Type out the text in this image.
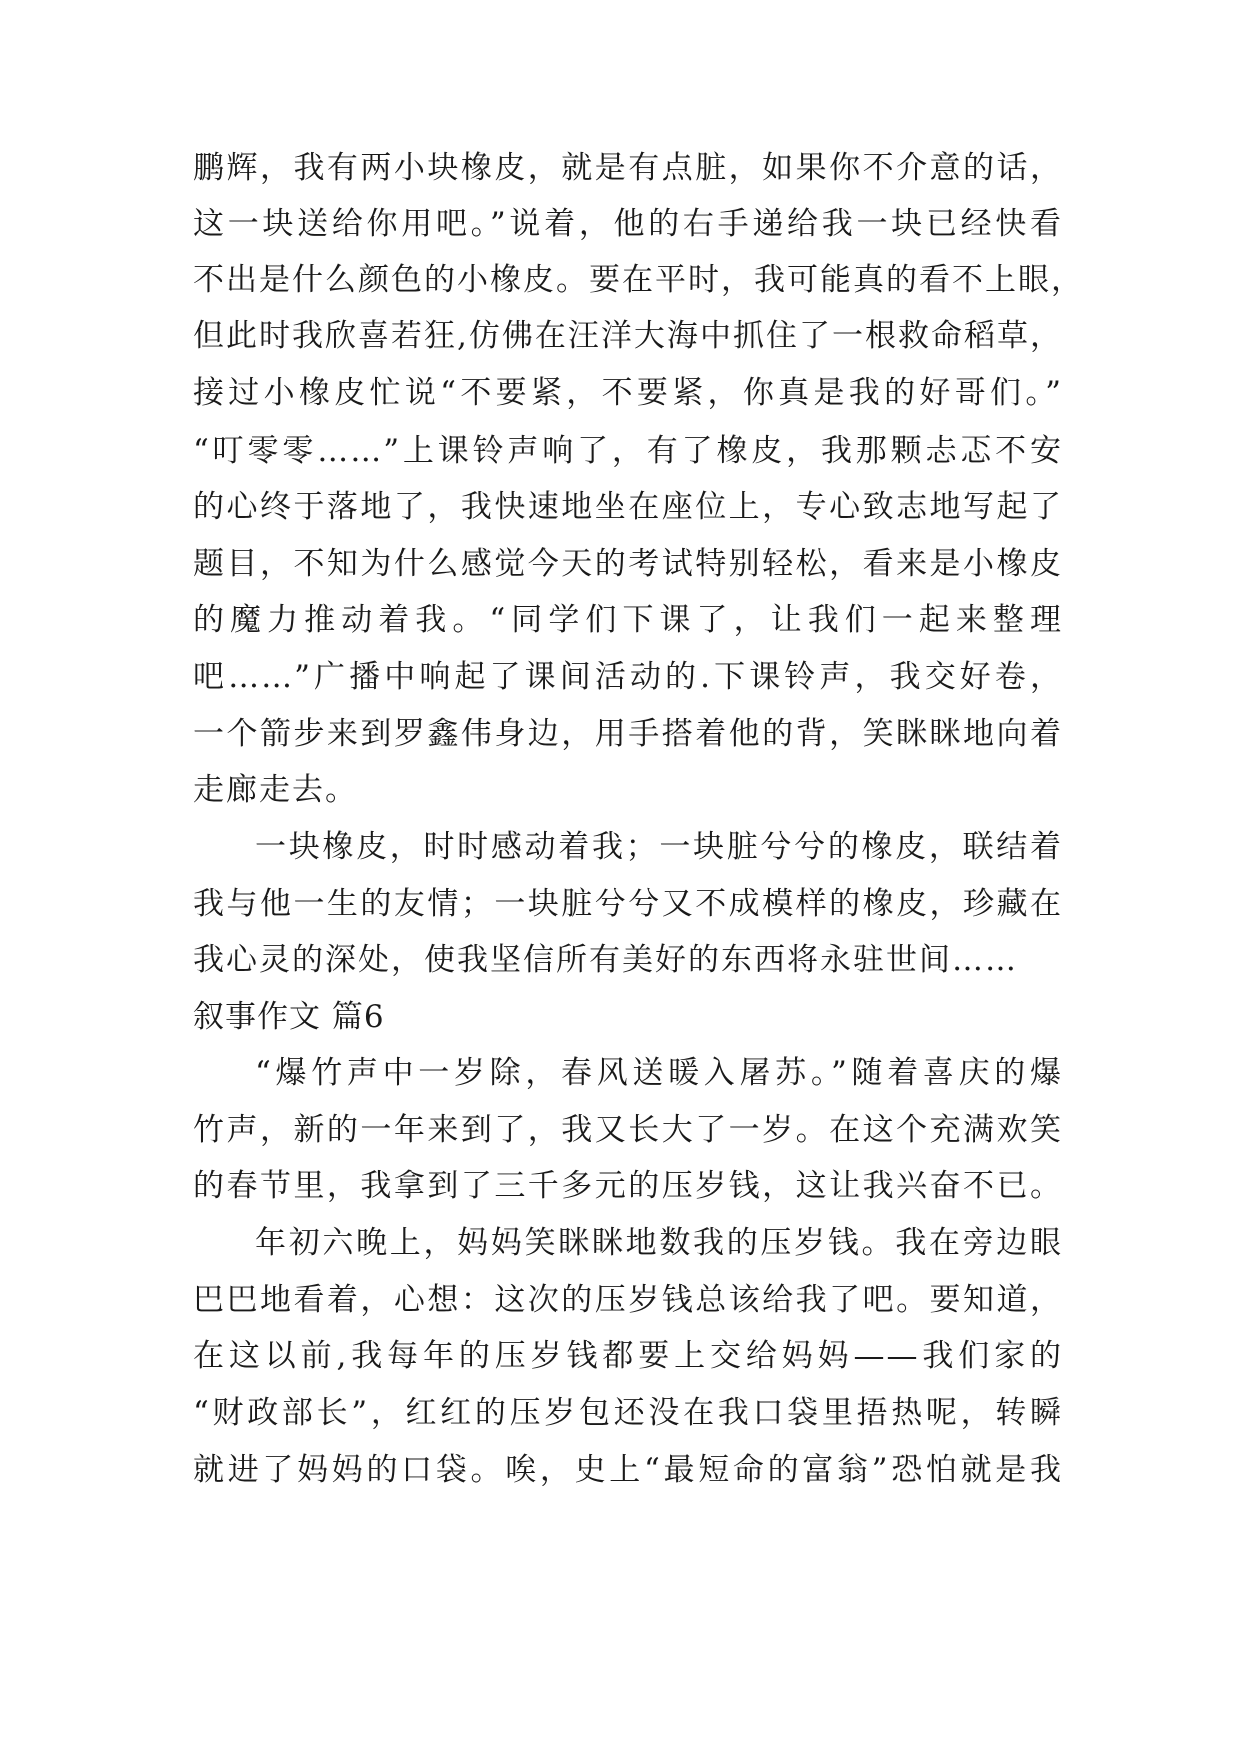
鹏辉，我有两小块橡皮，就是有点脏，如果你不介意的话，
这一块送给你用吧。”说着，他的右手递给我一块已经快看
不出是什么颜色的小橡皮。要在平时，我可能真的看不上眼，
但此时我欣喜若狂,仿佛在汪洋大海中抓住了一根救命稻草，
接过小橡皮忙说“不要紧，不要紧，你真是我的好哥们。”
“叮零零……”上课铃声响了，有了橡皮，我那颗忐忑不安
的心终于落地了，我快速地坐在座位上，专心致志地写起了
题目，不知为什么感觉今天的考试特别轻松，看来是小橡皮
的魔力推动着我。“同学们下课了，让我们一起来整理
吧……”广播中响起了课间活动的.下课铃声，我交好卷，
一个箭步来到罗鑫伟身边，用手搭着他的背，笑眯眯地向着
走廊走去。
一块橡皮，时时感动着我；一块脏兮兮的橡皮，联结着
我与他一生的友情；一块脏兮兮又不成模样的橡皮，珍藏在
我心灵的深处，使我坚信所有美好的东西将永驻世间……
叙事作文 篇6
“爆竹声中一岁除，春风送暖入屠苏。”随着喜庆的爆
竹声，新的一年来到了，我又长大了一岁。在这个充满欢笑
的春节里，我拿到了三千多元的压岁钱，这让我兴奋不已。
年初六晚上，妈妈笑眯眯地数我的压岁钱。我在旁边眼
巴巴地看着，心想：这次的压岁钱总该给我了吧。要知道，
在这以前,我每年的压岁钱都要上交给妈妈——我们家的
“财政部长”，红红的压岁包还没在我口袋里捂热呢，转瞬
就进了妈妈的口袋。唉，史上“最短命的富翁”恐怕就是我
